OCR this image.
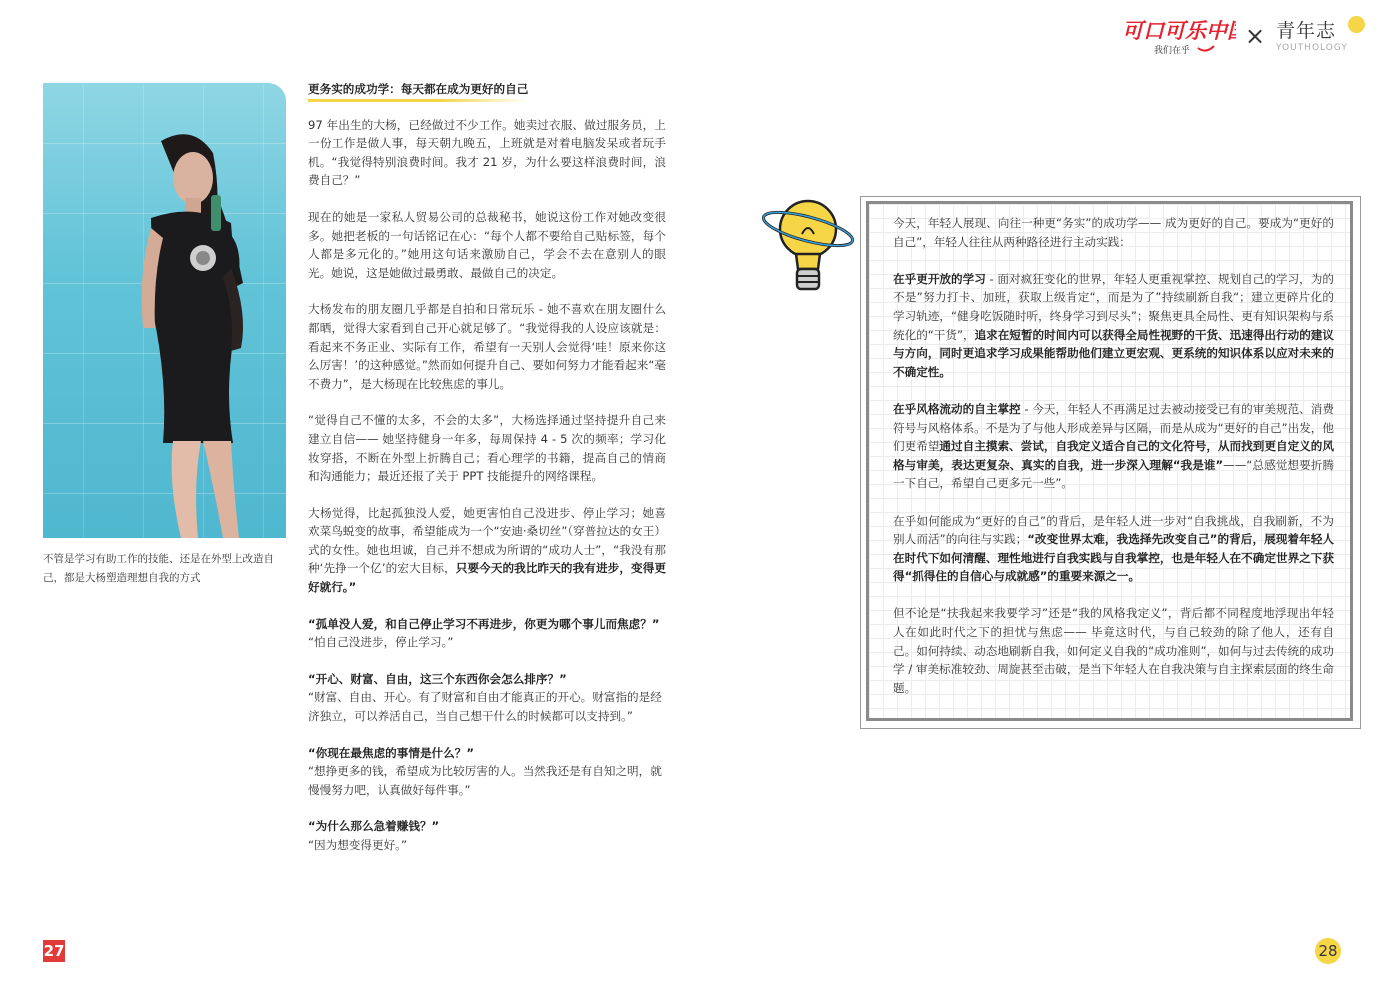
可口可乐中国
我们在乎
× 青年志
YOUTHOLOGY
不管是学习有助工作的技能、还是在外型上改造自己，都是大杨塑造理想自我的方式
更务实的成功学：每天都在成为更好的自己

97 年出生的大杨，已经做过不少工作。她卖过衣服、做过服务员，上一份工作是做人事，每天朝九晚五，上班就是对着电脑发呆或者玩手机。“我觉得特别浪费时间。我才 21 岁，为什么要这样浪费时间，浪费自己？”

现在的她是一家私人贸易公司的总裁秘书，她说这份工作对她改变很多。她把老板的一句话铭记在心：“每个人都不要给自己贴标签，每个人都是多元化的。”她用这句话来激励自己，学会不去在意别人的眼光。她说，这是她做过最勇敢、最做自己的决定。

大杨发布的朋友圈几乎都是自拍和日常玩乐 - 她不喜欢在朋友圈什么都晒，觉得大家看到自己开心就足够了。“我觉得我的人设应该就是：看起来不务正业、实际有工作，希望有一天别人会觉得‘哇！原来你这么厉害！’的这种感觉。”然而如何提升自己、要如何努力才能看起来“毫不费力”，是大杨现在比较焦虑的事儿。

“觉得自己不懂的太多，不会的太多”，大杨选择通过坚持提升自己来建立自信—— 她坚持健身一年多，每周保持 4 - 5 次的频率；学习化妆穿搭，不断在外型上折腾自己；看心理学的书籍，提高自己的情商和沟通能力；最近还报了关于 PPT 技能提升的网络课程。

大杨觉得，比起孤独没人爱，她更害怕自己没进步、停止学习；她喜欢菜鸟蜕变的故事，希望能成为一个“安迪·桑切丝”（穿普拉达的女王）式的女性。她也坦诚，自己并不想成为所谓的“成功人士”，“我没有那种‘先挣一个亿’的宏大目标，只要今天的我比昨天的我有进步，变得更好就行。”

“孤单没人爱，和自己停止学习不再进步，你更为哪个事儿而焦虑？”
“怕自己没进步，停止学习。”
“开心、财富、自由，这三个东西你会怎么排序？”
“财富、自由、开心。有了财富和自由才能真正的开心。财富指的是经济独立，可以养活自己，当自己想干什么的时候都可以支持到。”
“你现在最焦虑的事情是什么？”
“想挣更多的钱，希望成为比较厉害的人。当然我还是有自知之明，就慢慢努力吧，认真做好每件事。”
“为什么那么急着赚钱？”
“因为想变得更好。”

今天，年轻人展现、向往一种更“务实”的成功学—— 成为更好的自己。要成为“更好的自己”，年轻人往往从两种路径进行主动实践：

在乎更开放的学习 - 面对疯狂变化的世界，年轻人更重视掌控、规划自己的学习，为的不是”努力打卡、加班，获取上级肯定“，而是为了”持续刷新自我“；建立更碎片化的学习轨迹，“健身吃饭随时听，终身学习到尽头”；聚焦更具全局性、更有知识架构与系统化的“干货”，追求在短暂的时间内可以获得全局性视野的干货、迅速得出行动的建议与方向，同时更追求学习成果能帮助他们建立更宏观、更系统的知识体系以应对未来的不确定性。

在乎风格流动的自主掌控 - 今天，年轻人不再满足过去被动接受已有的审美规范、消费符号与风格体系。不是为了与他人形成差异与区隔，而是从成为“更好的自己”出发，他们更希望通过自主摸索、尝试，自我定义适合自己的文化符号，从而找到更自定义的风格与审美，表达更复杂、真实的自我，进一步深入理解“我是谁”——“总感觉想要折腾一下自己，希望自己更多元一些”。

在乎如何能成为“更好的自己”的背后，是年轻人进一步对“自我挑战，自我刷新，不为别人而活”的向往与实践；“改变世界太难，我选择先改变自己”的背后，展现着年轻人在时代下如何清醒、理性地进行自我实践与自我掌控，也是年轻人在不确定世界之下获得“抓得住的自信心与成就感”的重要来源之一。

但不论是“扶我起来我要学习”还是“我的风格我定义”，背后都不同程度地浮现出年轻人在如此时代之下的担忧与焦虑—— 毕竟这时代，与自己较劲的除了他人，还有自己。如何持续、动态地刷新自我，如何定义自我的“成功准则”，如何与过去传统的成功学 / 审美标准较劲、周旋甚至击破，是当下年轻人在自我决策与自主探索层面的终生命题。

27	28
